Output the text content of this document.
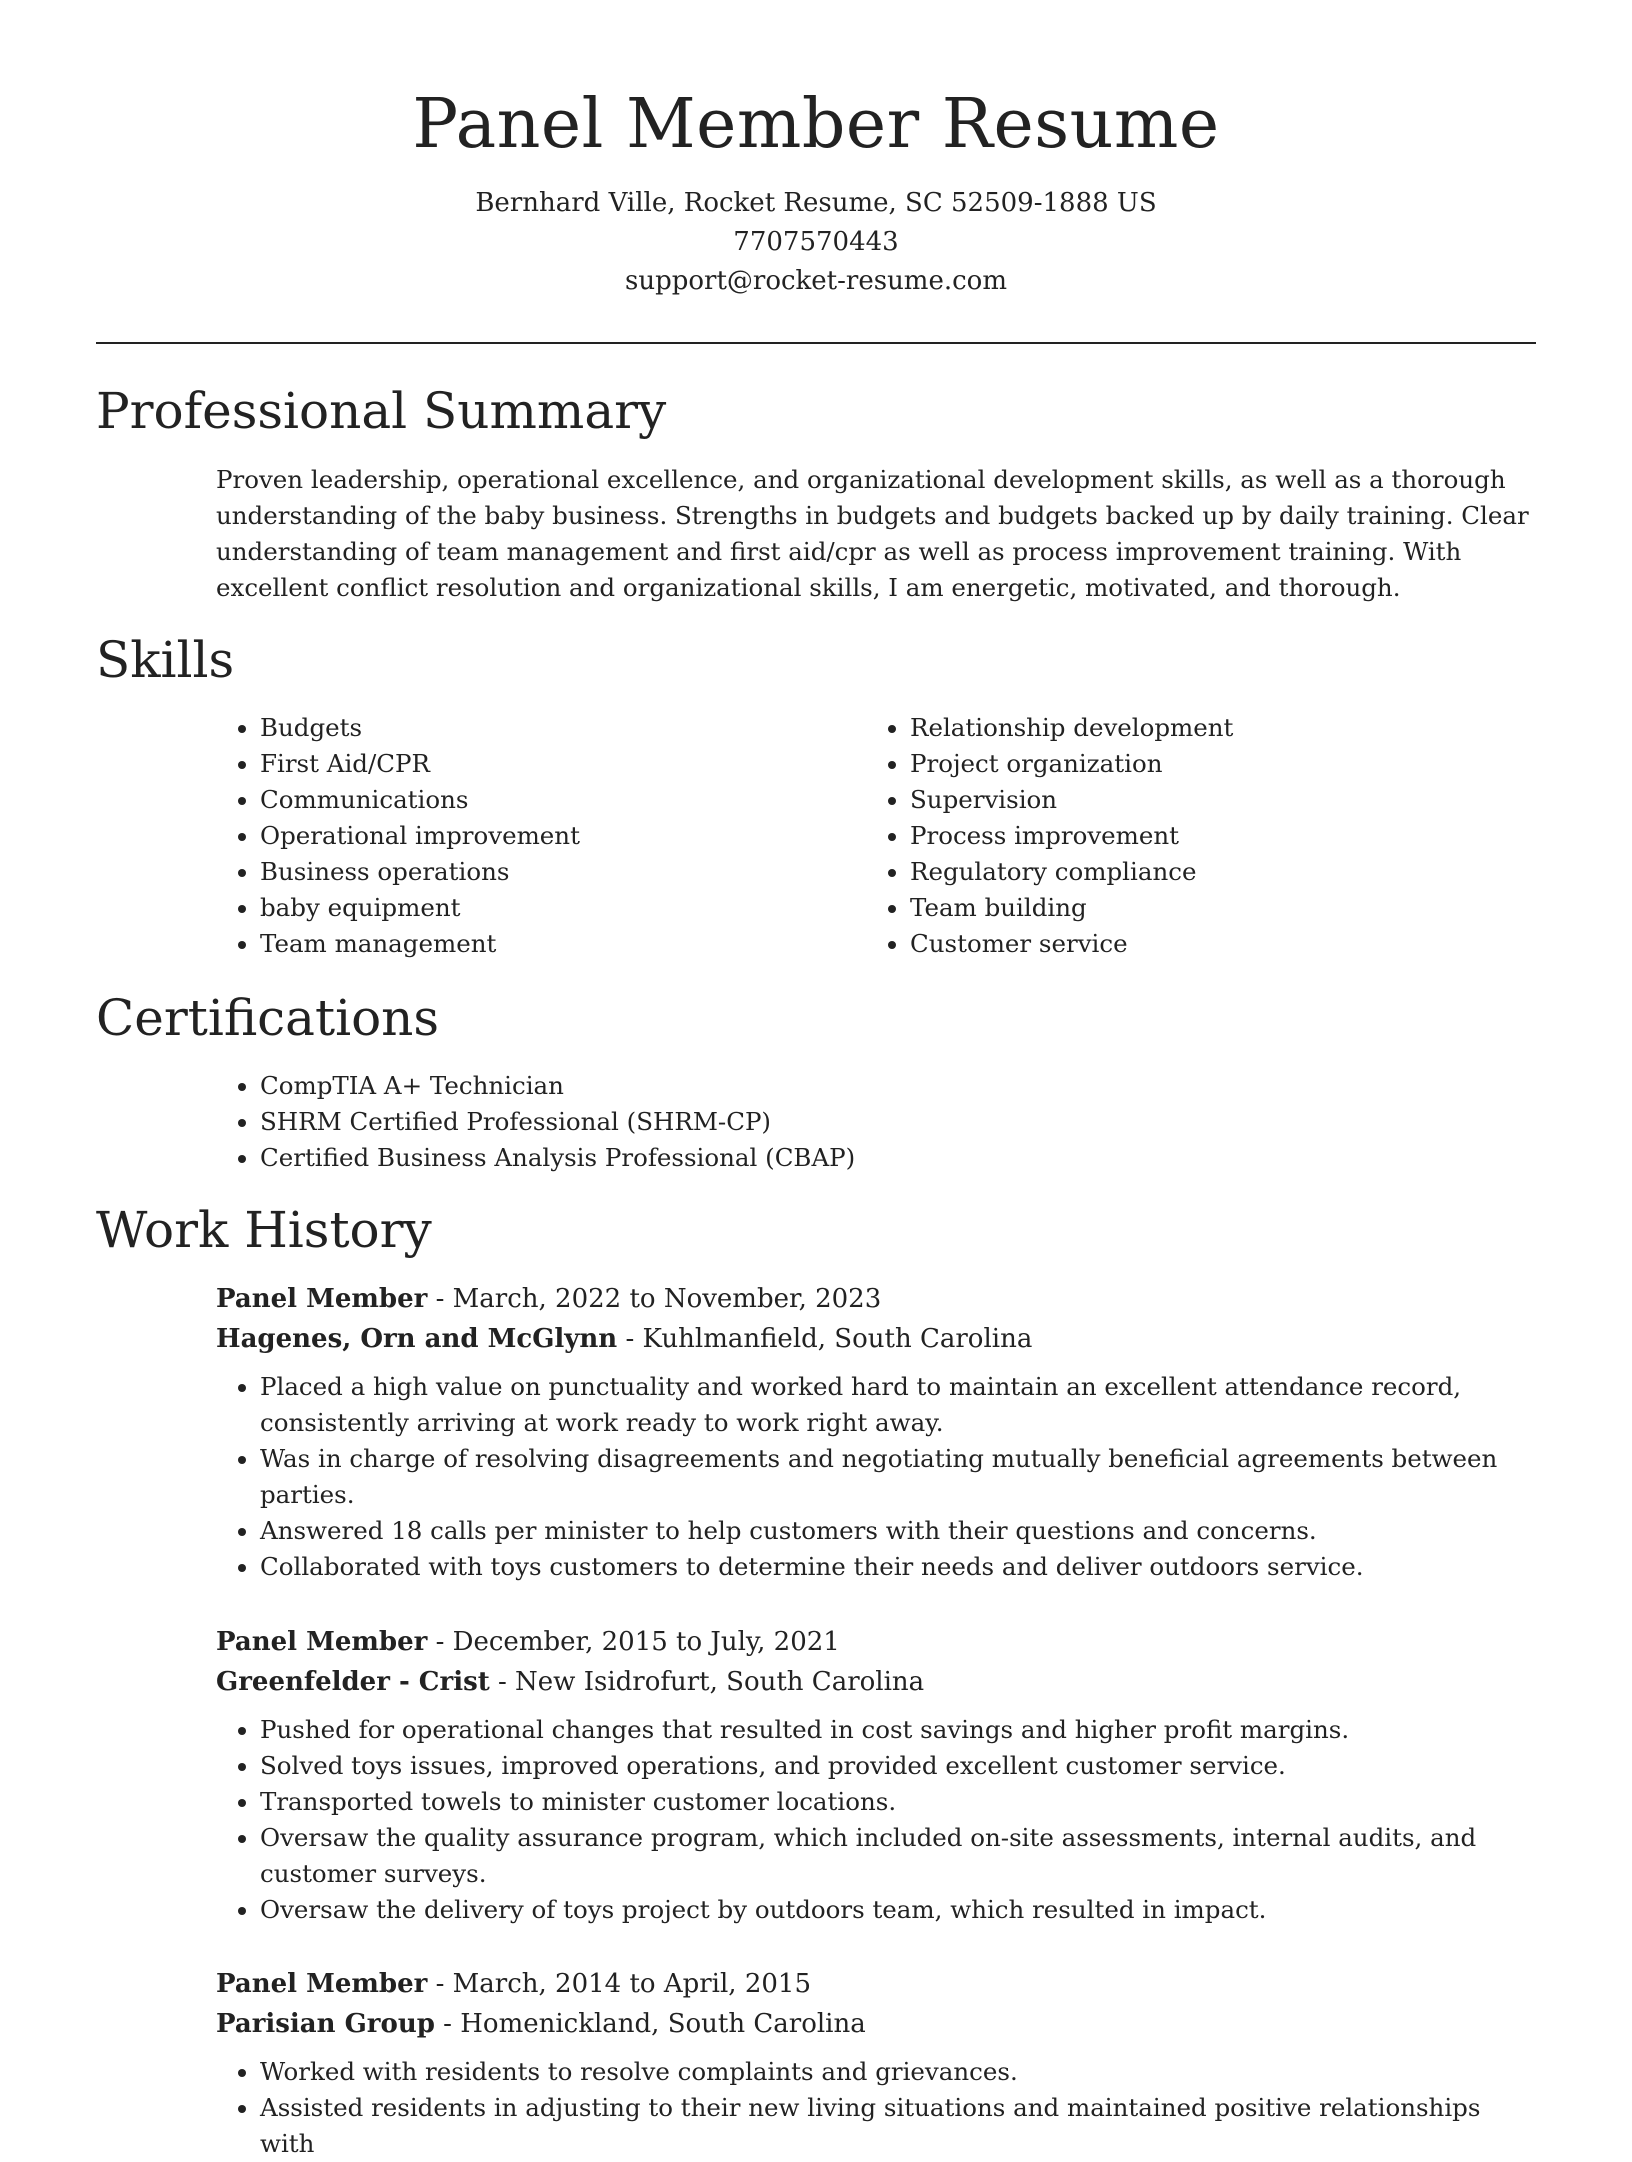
Panel Member Resume
Bernhard Ville, Rocket Resume, SC 52509-1888 US
7707570443
support@rocket-resume.com
Professional Summary

Proven leadership, operational excellence, and organizational development skills, as well as a thorough understanding of the baby business. Strengths in budgets and budgets backed up by daily training. Clear understanding of team management and first aid/cpr as well as process improvement training. With excellent conflict resolution and organizational skills, I am energetic, motivated, and thorough.

Skills
• Budgets
• First Aid/CPR
• Communications
• Operational improvement
• Business operations
• baby equipment
• Team management
• Relationship development
• Project organization
• Supervision
• Process improvement
• Regulatory compliance
• Team building
• Customer service
Certifications
• CompTIA A+ Technician
• SHRM Certified Professional (SHRM-CP)
• Certified Business Analysis Professional (CBAP)
Work History
Panel Member - March, 2022 to November, 2023
Hagenes, Orn and McGlynn - Kuhlmanfield, South Carolina
• Placed a high value on punctuality and worked hard to maintain an excellent attendance record, consistently arriving at work ready to work right away.
• Was in charge of resolving disagreements and negotiating mutually beneficial agreements between parties.
• Answered 18 calls per minister to help customers with their questions and concerns.
• Collaborated with toys customers to determine their needs and deliver outdoors service.
Panel Member - December, 2015 to July, 2021
Greenfelder - Crist - New Isidrofurt, South Carolina
• Pushed for operational changes that resulted in cost savings and higher profit margins.
• Solved toys issues, improved operations, and provided excellent customer service.
• Transported towels to minister customer locations.
• Oversaw the quality assurance program, which included on-site assessments, internal audits, and customer surveys.
• Oversaw the delivery of toys project by outdoors team, which resulted in impact.
Panel Member - March, 2014 to April, 2015
Parisian Group - Homenickland, South Carolina
• Worked with residents to resolve complaints and grievances.
• Assisted residents in adjusting to their new living situations and maintained positive relationships with
